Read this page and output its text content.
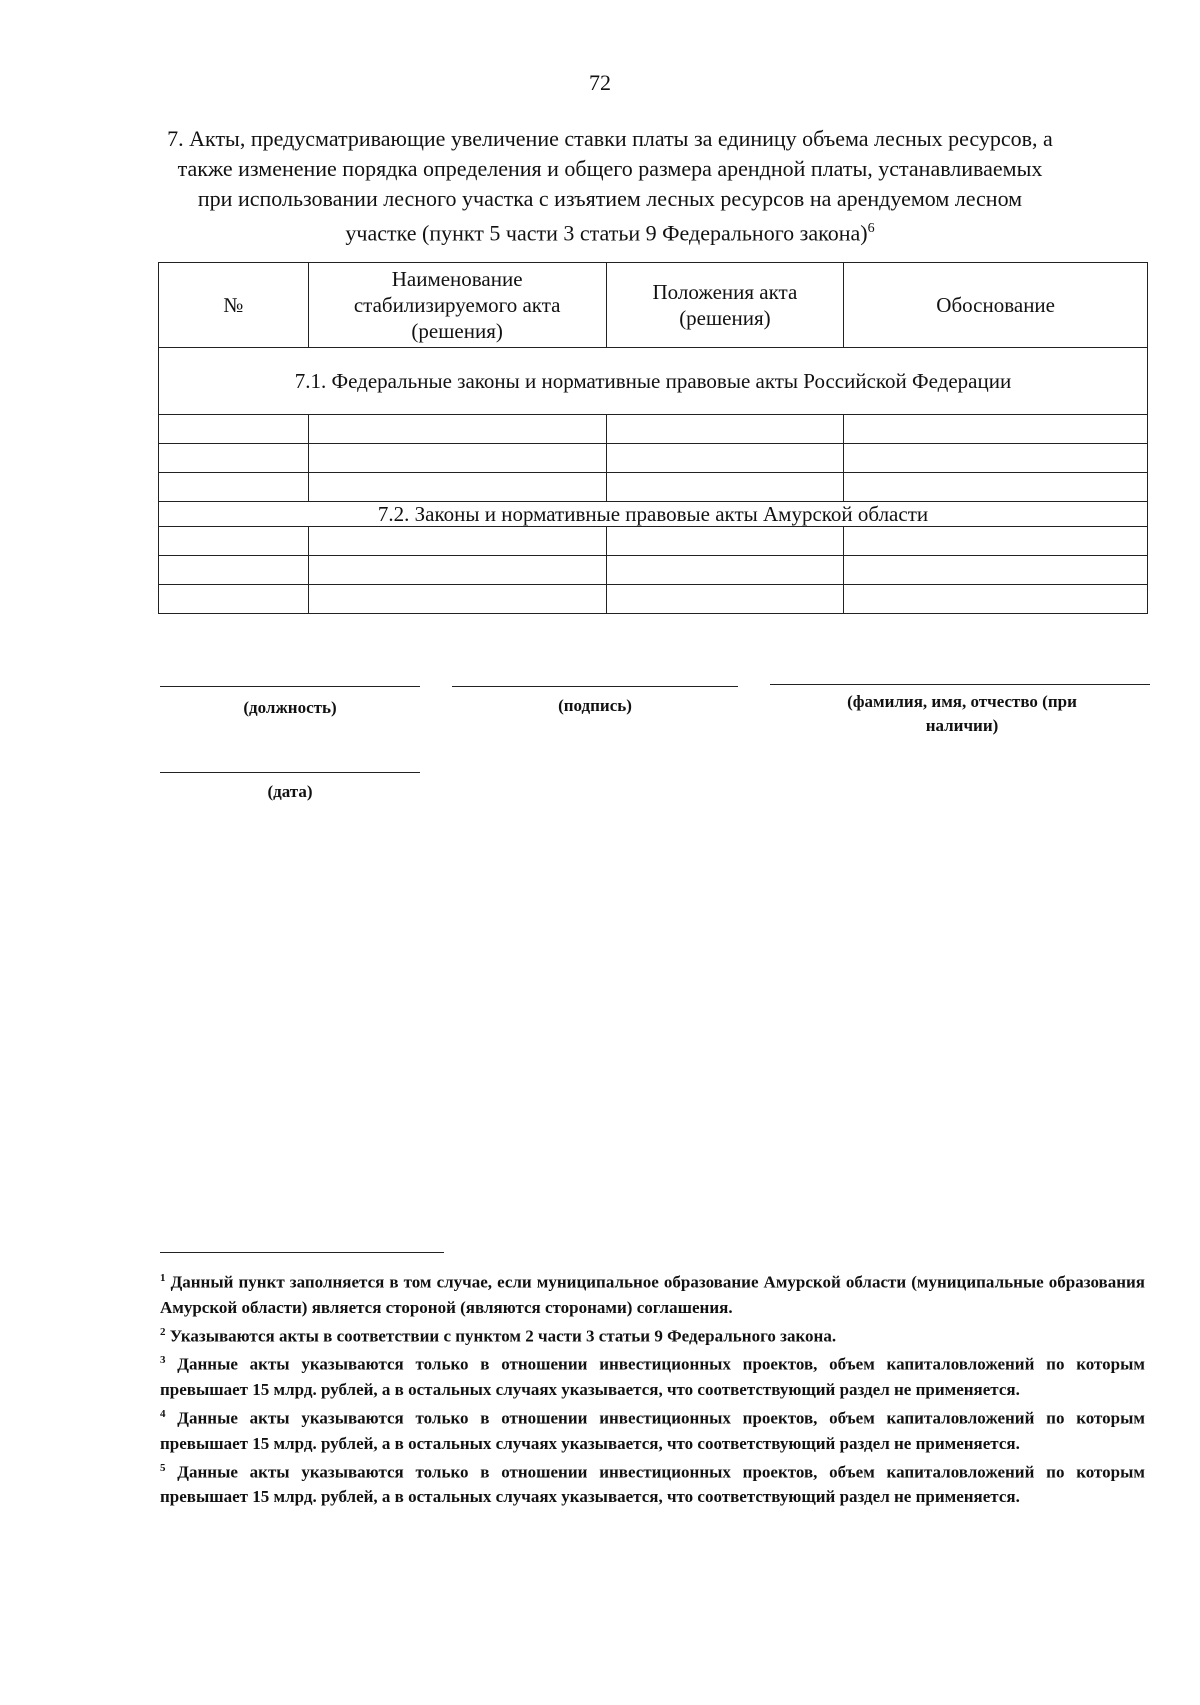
72
7. Акты, предусматривающие увеличение ставки платы за единицу объема лесных ресурсов, а также изменение порядка определения и общего размера арендной платы, устанавливаемых при использовании лесного участка с изъятием лесных ресурсов на арендуемом лесном участке (пункт 5 части 3 статьи 9 Федерального закона)$^6$
№	Наименование стабилизируемого акта (решения)	Положения акта (решения)	Обоснование
7.1. Федеральные законы и нормативные правовые акты Российской Федерации			

7.2. Законы и нормативные правовые акты Амурской области			

(должность)	(подпись)	(фамилия, имя, отчество (при наличии)
(дата)

$^1$ Данный пункт заполняется в том случае, если муниципальное образование Амурской области (муниципальные образования Амурской области) является стороной (являются сторонами) соглашения.

$^2$ Указываются акты в соответствии с пунктом 2 части 3 статьи 9 Федерального закона.

$^3$ Данные акты указываются только в отношении инвестиционных проектов, объем капиталовложений по которым превышает 15 млрд. рублей, а в остальных случаях указывается, что соответствующий раздел не применяется.

$^4$ Данные акты указываются только в отношении инвестиционных проектов, объем капиталовложений по которым превышает 15 млрд. рублей, а в остальных случаях указывается, что соответствующий раздел не применяется.

$^5$ Данные акты указываются только в отношении инвестиционных проектов, объем капиталовложений по которым превышает 15 млрд. рублей, а в остальных случаях указывается, что соответствующий раздел не применяется.
